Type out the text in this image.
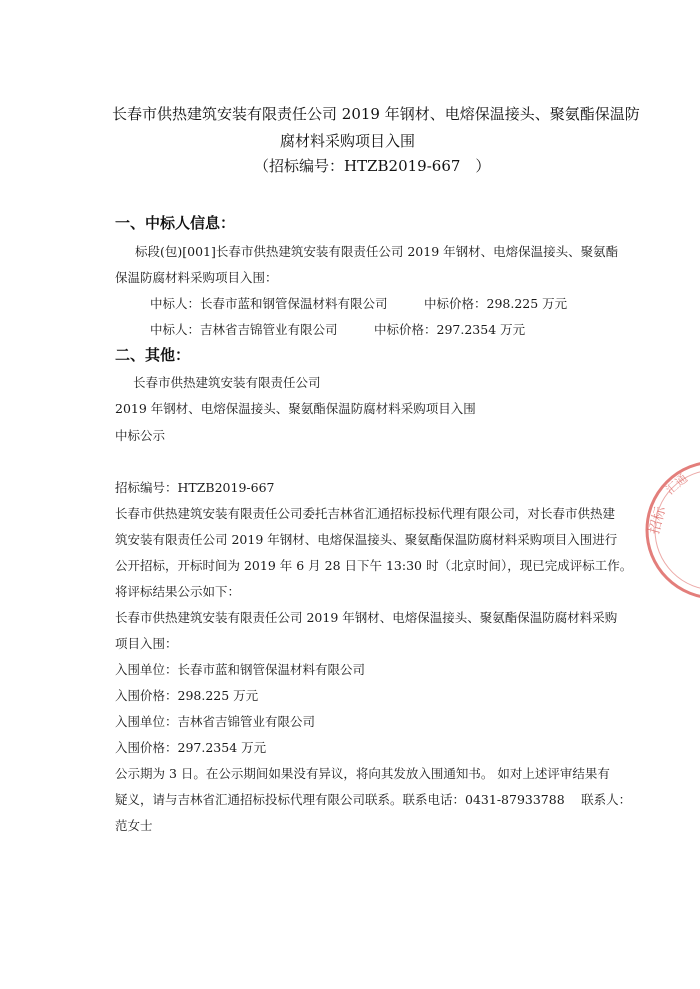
长春市供热建筑安装有限责任公司 2019 年钢材、电熔保温接头、聚氨酯保温防
腐材料采购项目入围
（招标编号：HTZB2019-667　）
一、中标人信息：
标段(包)[001]长春市供热建筑安装有限责任公司 2019 年钢材、电熔保温接头、聚氨酯
保温防腐材料采购项目入围：
中标人：长春市蓝和钢管保温材料有限公司	中标价格：298.225 万元
中标人：吉林省吉锦管业有限公司	中标价格：297.2354 万元
二、其他：
长春市供热建筑安装有限责任公司
2019 年钢材、电熔保温接头、聚氨酯保温防腐材料采购项目入围
中标公示
招标编号：HTZB2019-667
长春市供热建筑安装有限责任公司委托吉林省汇通招标投标代理有限公司，对长春市供热建
筑安装有限责任公司 2019 年钢材、电熔保温接头、聚氨酯保温防腐材料采购项目入围进行
公开招标，开标时间为 2019 年 6 月 28 日下午 13:30 时（北京时间），现已完成评标工作。
将评标结果公示如下：
长春市供热建筑安装有限责任公司 2019 年钢材、电熔保温接头、聚氨酯保温防腐材料采购
项目入围：
入围单位：长春市蓝和钢管保温材料有限公司
入围价格：298.225 万元
入围单位：吉林省吉锦管业有限公司
入围价格：297.2354 万元
公示期为 3 日。在公示期间如果没有异议，将向其发放入围通知书。 如对上述评审结果有
疑义，请与吉林省汇通招标投标代理有限公司联系。联系电话：0431-87933788　 联系人：
范女士
招标
汇通
